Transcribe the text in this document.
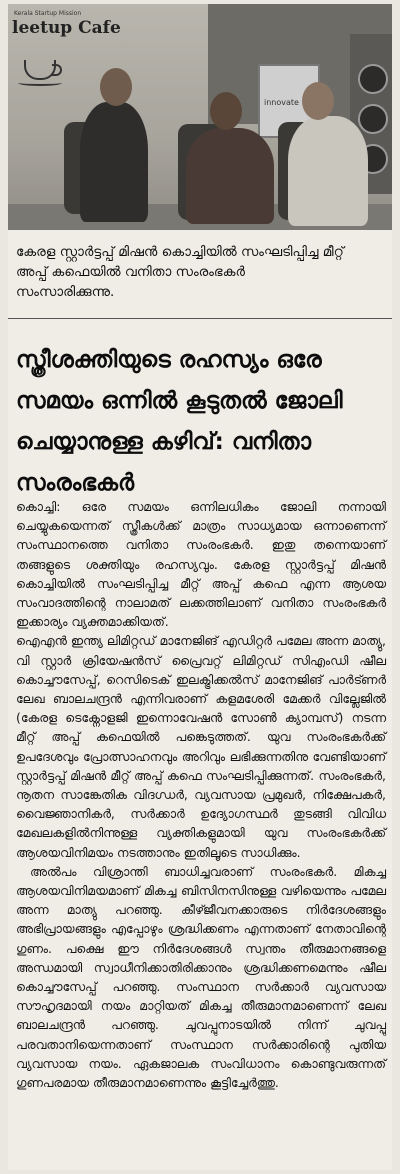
innovate
Kerala Startup Mission
leetup Cafe
കേരള സ്റ്റാർട്ടപ്പ് മിഷൻ കൊച്ചിയിൽ സംഘടിപ്പിച്ച മീറ്റ് അപ്പ് കഫെയിൽ വനിതാ സംരംഭകർ സംസാരിക്കുന്നു.
സ്ത്രീശക്തിയുടെ രഹസ്യം ഒരേ സമയം ഒന്നിൽ കൂടുതൽ ജോലി ചെയ്യാനുള്ള കഴിവ്: വനിതാ സംരംഭകർ

കൊച്ചി: ഒരേ സമയം ഒന്നിലധികം ജോലി നന്നായി ചെയ്യുകയെന്നത് സ്ത്രീകൾക്ക് മാത്രം സാധ്യമായ ഒന്നാണെന്ന് സംസ്ഥാനത്തെ വനിതാ സംരംഭകർ. ഇതു തന്നെയാണ് തങ്ങളുടെ ശക്തിയും രഹസ്യവും. കേരള സ്റ്റാർട്ടപ്പ് മിഷൻ കൊച്ചിയിൽ സംഘടിപ്പിച്ച മീറ്റ് അപ്പ് കഫെ എന്ന ആശയ സംവാദത്തിന്റെ നാലാമത് ലക്കത്തിലാണ് വനിതാ സംരംഭകർ ഇക്കാര്യം വ്യക്തമാക്കിയത്.

ഐഎൻ ഇന്ത്യ ലിമിറ്റഡ് മാനേജിങ് എഡിറ്റർ പമേല അന്ന മാത്യു, വി സ്റ്റാർ ക്രിയേഷൻസ് പ്രൈവറ്റ് ലിമിറ്റഡ് സിഎംഡി ഷീല കൊച്ചൗസേപ്പ്, റെസിടെക് ഇലക്ട്രിക്കൽസ് മാനേജിങ് പാർട്ണർ ലേഖ ബാലചന്ദ്രൻ എന്നിവരാണ് കളമശേരി മേക്കർ വില്ലേജിൽ (കേരള ടെക്നോളജി ഇന്നൊവേഷൻ സോൺ ക്യാമ്പസ്) നടന്ന മീറ്റ് അപ്പ് കഫെയിൽ പങ്കെടുത്തത്. യുവ സംരംഭകർക്ക് ഉപദേശവും പ്രോത്സാഹനവും അറിവും ലഭിക്കുന്നതിനു വേണ്ടിയാണ് സ്റ്റാർട്ടപ്പ് മിഷൻ മീറ്റ് അപ്പ് കഫെ സംഘടിപ്പിക്കുന്നത്. സംരംഭകർ, നൂതന സാങ്കേതിക വിദഗ്ധർ, വ്യവസായ പ്രമുഖർ, നിക്ഷേപകർ, വൈജ്ഞാനികർ, സർക്കാർ ഉദ്യോഗസ്ഥർ തുടങ്ങി വിവിധ മേഖലകളിൽനിന്നുള്ള വ്യക്തികളുമായി യുവ സംരംഭകർക്ക് ആശയവിനിമയം നടത്താനും ഇതിലൂടെ സാധിക്കും.

അൽപം വിശ്രാന്തി ബാധിച്ചവരാണ് സംരംഭകർ. മികച്ച ആശയവിനിമയമാണ് മികച്ച ബിസിനസിനുള്ള വഴിയെന്നും പമേല അന്ന മാത്യു പറഞ്ഞു. കീഴ്ജീവനക്കാരുടെ നിർദേശങ്ങളും അഭിപ്രായങ്ങളും എപ്പോഴും ശ്രദ്ധിക്കണം എന്നതാണ് നേതാവിന്റെ ഗുണം. പക്ഷെ ഈ നിർദേശങ്ങൾ സ്വന്തം തീരുമാനങ്ങളെ അന്ധമായി സ്വാധീനിക്കാതിരിക്കാനും ശ്രദ്ധിക്കണമെന്നും ഷീല കൊച്ചൗസേപ്പ് പറഞ്ഞു. സംസ്ഥാന സർക്കാർ വ്യവസായ സൗഹൃദമായി നയം മാറ്റിയത് മികച്ച തീരുമാനമാണെന്ന് ലേഖ ബാലചന്ദ്രൻ പറഞ്ഞു. ചുവപ്പുനാടയിൽ നിന്ന് ചുവപ്പു പരവതാനിയെന്നതാണ് സംസ്ഥാന സർക്കാരിന്റെ പുതിയ വ്യവസായ നയം. ഏകജാലക സംവിധാനം കൊണ്ടുവരുന്നത് ഗുണപരമായ തീരുമാനമാണെന്നും കൂട്ടിച്ചേർത്തു.
